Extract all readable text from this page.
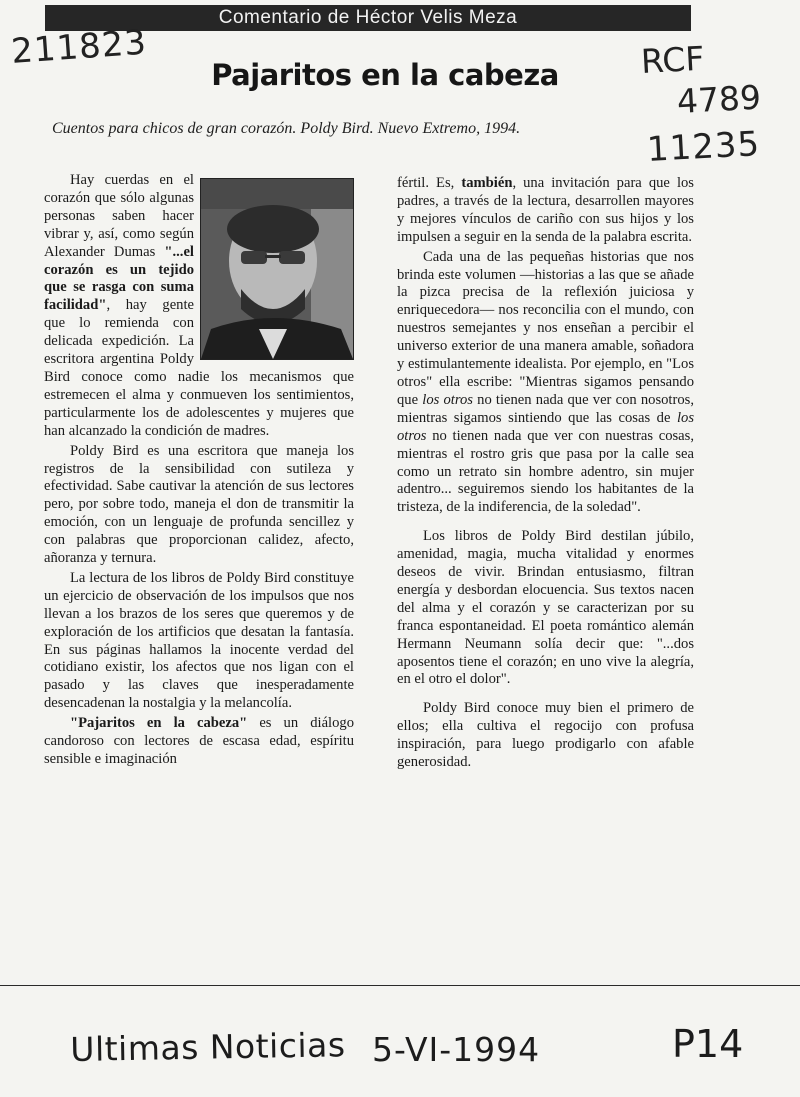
Comentario de Héctor Velis Meza
Pajaritos en la cabeza
Cuentos para chicos de gran corazón. Poldy Bird. Nuevo Extremo, 1994.
211823	RCF
4789
11235

Hay cuerdas en el corazón que sólo algunas personas saben hacer vibrar y, así, como según Alexander Dumas "...el corazón es un tejido que se rasga con suma facilidad", hay gente que lo remienda con delicada expedición. La escritora argentina Poldy Bird conoce como nadie los mecanismos que estremecen el alma y conmueven los sentimientos, particularmente los de adolescentes y mujeres que han alcanzado la condición de madres.

Poldy Bird es una escritora que maneja los registros de la sensibilidad con sutileza y efectividad. Sabe cautivar la atención de sus lectores pero, por sobre todo, maneja el don de transmitir la emoción, con un lenguaje de profunda sencillez y con palabras que proporcionan calidez, afecto, añoranza y ternura.

La lectura de los libros de Poldy Bird constituye un ejercicio de observación de los impulsos que nos llevan a los brazos de los seres que queremos y de exploración de los artificios que desatan la fantasía. En sus páginas hallamos la inocente verdad del cotidiano existir, los afectos que nos ligan con el pasado y las claves que inesperadamente desencadenan la nostalgia y la melancolía.

"Pajaritos en la cabeza" es un diálogo candoroso con lectores de escasa edad, espíritu sensible e imaginación

fértil. Es, también, una invitación para que los padres, a través de la lectura, desarrollen mayores y mejores vínculos de cariño con sus hijos y los impulsen a seguir en la senda de la palabra escrita.

Cada una de las pequeñas historias que nos brinda este volumen —historias a las que se añade la pizca precisa de la reflexión juiciosa y enriquecedora— nos reconcilia con el mundo, con nuestros semejantes y nos enseñan a percibir el universo exterior de una manera amable, soñadora y estimulantemente idealista. Por ejemplo, en "Los otros" ella escribe: "Mientras sigamos pensando que los otros no tienen nada que ver con nosotros, mientras sigamos sintiendo que las cosas de los otros no tienen nada que ver con nuestras cosas, mientras el rostro gris que pasa por la calle sea como un retrato sin hombre adentro, sin mujer adentro... seguiremos siendo los habitantes de la tristeza, de la indiferencia, de la soledad".

Los libros de Poldy Bird destilan júbilo, amenidad, magia, mucha vitalidad y enormes deseos de vivir. Brindan entusiasmo, filtran energía y desbordan elocuencia. Sus textos nacen del alma y el corazón y se caracterizan por su franca espontaneidad. El poeta romántico alemán Hermann Neumann solía decir que: "...dos aposentos tiene el corazón; en uno vive la alegría, en el otro el dolor".

Poldy Bird conoce muy bien el primero de ellos; ella cultiva el regocijo con profusa inspiración, para luego prodigarlo con afable generosidad.

Ultimas Noticias 5-VI-1994	P14
